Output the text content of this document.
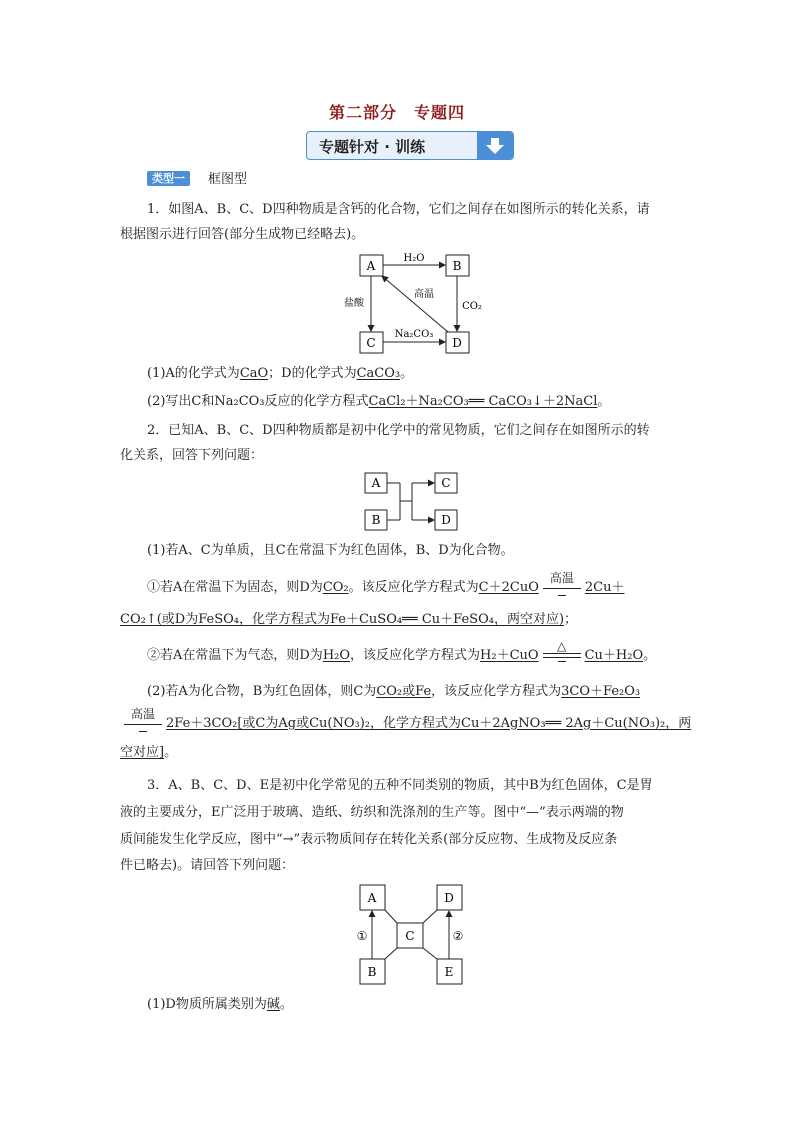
第二部分　专题四
专题针对 · 训练
类型一	框图型
1．如图A、B、C、D四种物质是含钙的化合物，它们之间存在如图所示的转化关系，请
根据图示进行回答(部分生成物已经略去)。
A	B
C	D
H₂O
高温
盐酸	CO₂
Na₂CO₃
(1)A的化学式为CaO；D的化学式为CaCO₃。
(2)写出C和Na₂CO₃反应的化学方程式CaCl₂＋Na₂CO₃══ CaCO₃↓＋2NaCl。
2．已知A、B、C、D四种物质都是初中化学中的常见物质，它们之间存在如图所示的转
化关系，回答下列问题：
A
B
C
D
(1)若A、C为单质，且C在常温下为红色固体，B、D为化合物。
①若A在常温下为固态，则D为CO₂。该反应化学方程式为C＋2CuO
高温
2Cu＋
CO₂↑(或D为FeSO₄，化学方程式为Fe＋CuSO₄══ Cu＋FeSO₄，两空对应)；
②若A在常温下为气态，则D为H₂O，该反应化学方程式为H₂＋CuO
△
Cu＋H₂O。
(2)若A为化合物，B为红色固体，则C为CO₂或Fe，该反应化学方程式为3CO＋Fe₂O₃
高温
2Fe＋3CO₂[或C为Ag或Cu(NO₃)₂，化学方程式为Cu＋2AgNO₃══ 2Ag＋Cu(NO₃)₂，两
空对应]。
3．A、B、C、D、E是初中化学常见的五种不同类别的物质，其中B为红色固体，C是胃
液的主要成分，E广泛用于玻璃、造纸、纺织和洗涤剂的生产等。图中“—”表示两端的物
质间能发生化学反应，图中“→”表示物质间存在转化关系(部分反应物、生成物及反应条
件已略去)。请回答下列问题：
A
B
C
D
E
①	②
(1)D物质所属类别为碱。
